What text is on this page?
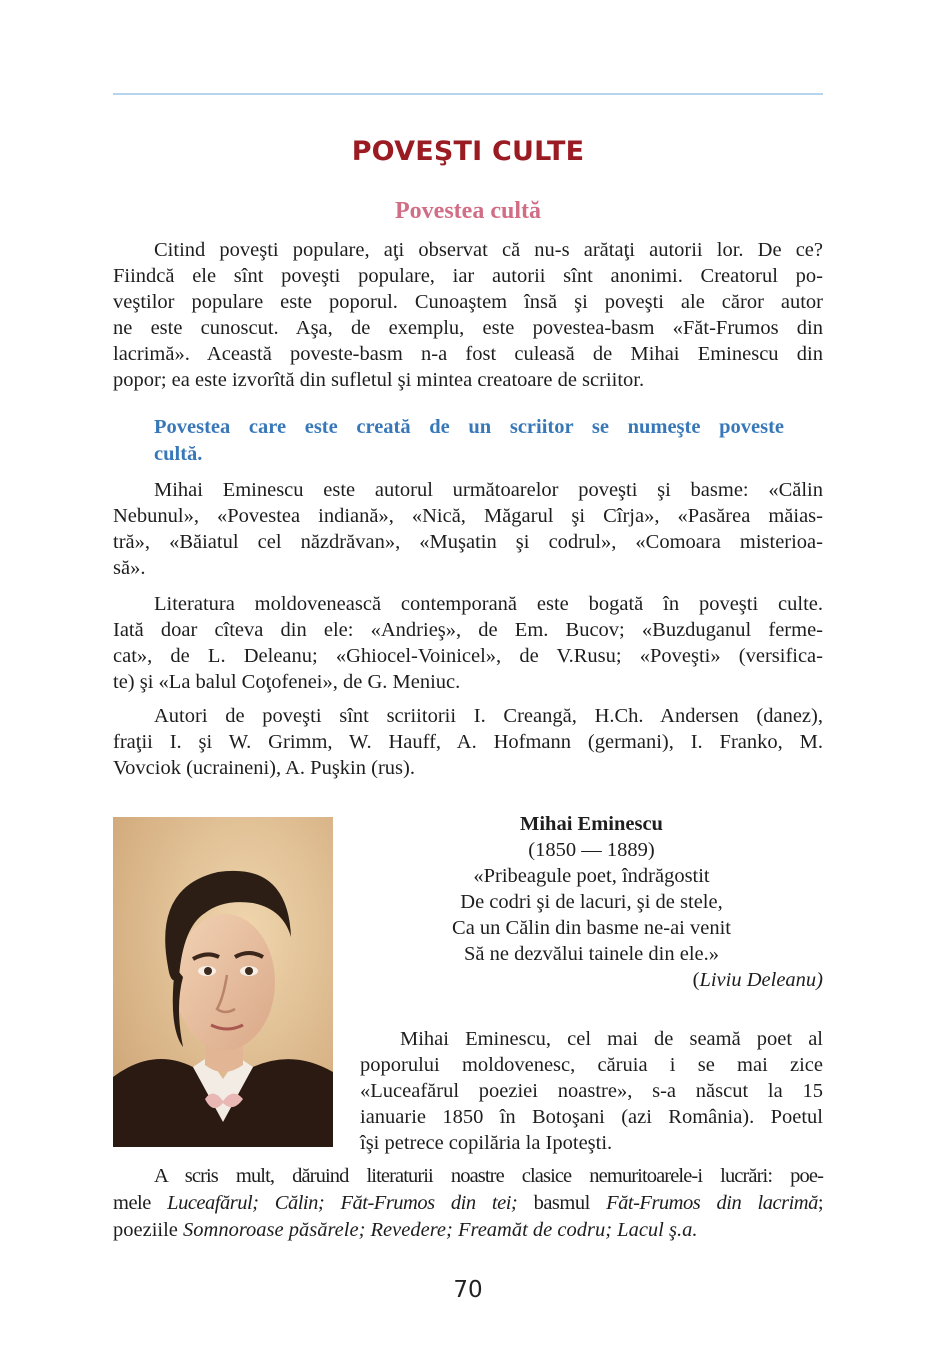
POVEŞTI CULTE
Povestea cultă
Citind poveşti populare, aţi observat că nu-s arătaţi autorii lor. De ce?
Fiindcă ele sînt poveşti populare, iar autorii sînt anonimi. Creatorul po-
veştilor populare este poporul. Cunoaştem însă şi poveşti ale căror autor
ne este cunoscut. Aşa, de exemplu, este povestea-basm «Făt-Frumos din
lacrimă». Această poveste-basm n-a fost culeasă de Mihai Eminescu din
popor; ea este izvorîtă din sufletul şi mintea creatoare de scriitor.
Povestea care este creată de un scriitor se numeşte poveste
cultă.
Mihai Eminescu este autorul următoarelor poveşti şi basme: «Călin
Nebunul», «Povestea indiană», «Nică, Măgarul şi Cîrja», «Pasărea măias-
tră», «Băiatul cel năzdrăvan», «Muşatin şi codrul», «Comoara misterioa-
să».
Literatura moldovenească contemporană este bogată în poveşti culte.
Iată doar cîteva din ele: «Andrieş», de Em. Bucov; «Buzduganul ferme-
cat», de L. Deleanu; «Ghiocel-Voinicel», de V.Rusu; «Poveşti» (versifica-
te) şi «La balul Coţofenei», de G. Meniuc.
Autori de poveşti sînt scriitorii I. Creangă, H.Ch. Andersen (danez),
fraţii I. şi W. Grimm, W. Hauff, A. Hofmann (germani), I. Franko, M.
Vovciok (ucraineni), A. Puşkin (rus).
Mihai Eminescu
(1850 — 1889)
«Pribeagule poet, îndrăgostit
De codri şi de lacuri, şi de stele,
Ca un Călin din basme ne-ai venit
Să ne dezvălui tainele din ele.»
(Liviu Deleanu)
Mihai Eminescu, cel mai de seamă poet al
poporului moldovenesc, căruia i se mai zice
«Luceafărul poeziei noastre», s-a născut la 15
ianuarie 1850 în Botoşani (azi România). Poetul
îşi petrece copilăria la Ipoteşti.
A scris mult, dăruind literaturii noastre clasice nemuritoarele-i lucrări: poe-
mele Luceafărul; Călin; Făt-Frumos din tei; basmul Făt-Frumos din lacrimă;
poeziile Somnoroase păsărele; Revedere; Freamăt de codru; Lacul ş.a.
70
